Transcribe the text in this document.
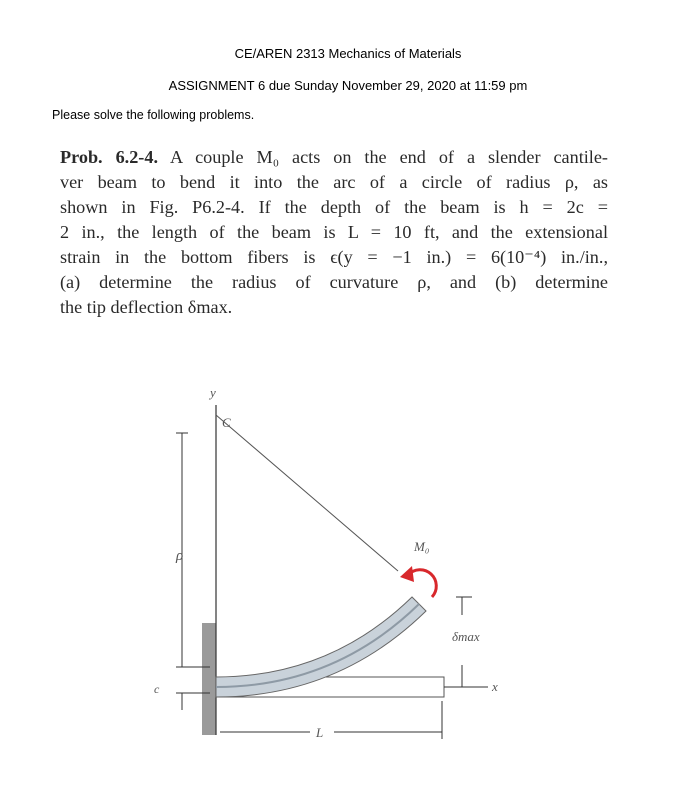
CE/AREN 2313 Mechanics of Materials
ASSIGNMENT 6 due Sunday November 29, 2020 at 11:59 pm
Please solve the following problems.
Prob. 6.2-4. A couple M₀ acts on the end of a slender cantile-
ver beam to bend it into the arc of a circle of radius ρ, as
shown in Fig. P6.2-4. If the depth of the beam is h = 2c =
2 in., the length of the beam is L = 10 ft, and the extensional
strain in the bottom fibers is ϵ(y = −1 in.) = 6(10⁻⁴) in./in.,
(a) determine the radius of curvature ρ, and (b) determine
the tip deflection δmax.
y
C
ρ
c
M₀
δmax
x
L
